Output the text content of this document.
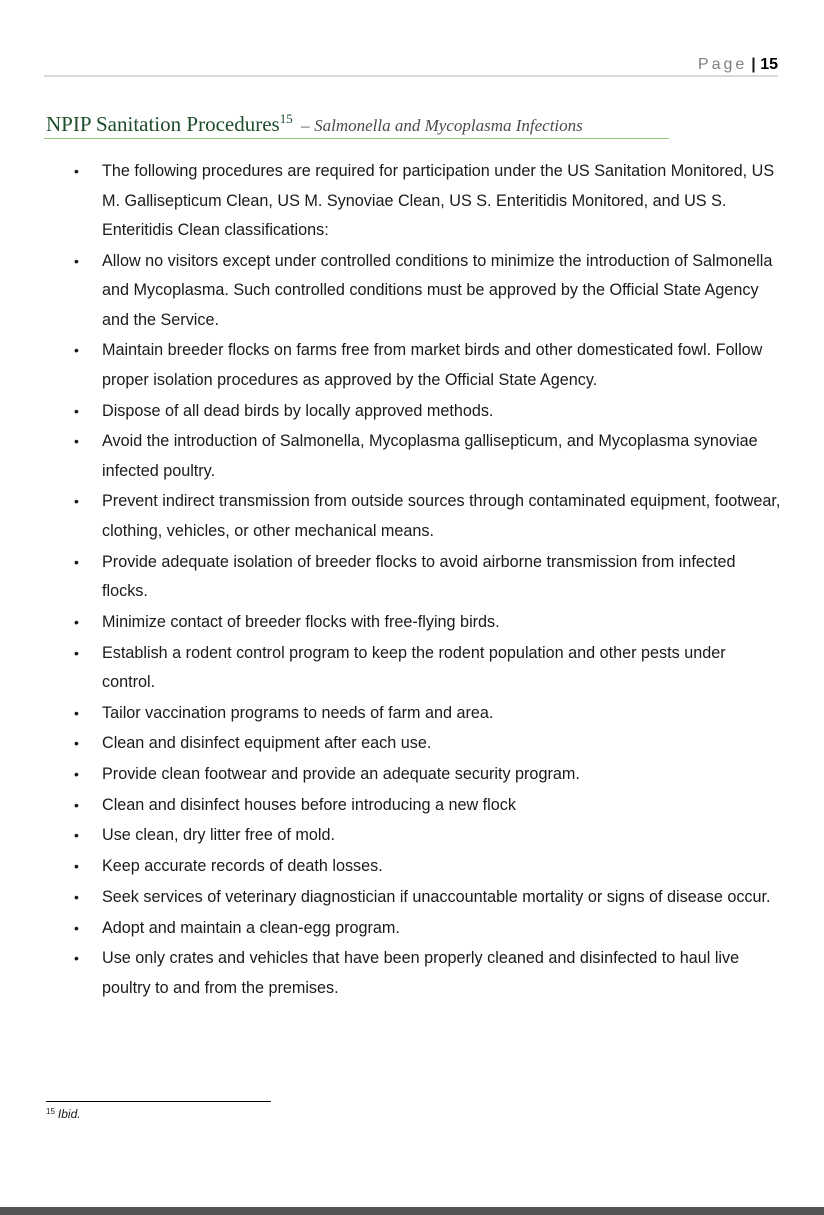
Page | 15
NPIP Sanitation Procedures$^{15}$ – Salmonella and Mycoplasma Infections
• The following procedures are required for participation under the US Sanitation Monitored, US M. Gallisepticum Clean, US M. Synoviae Clean, US S. Enteritidis Monitored, and US S. Enteritidis Clean classifications:
• Allow no visitors except under controlled conditions to minimize the introduction of Salmonella and Mycoplasma. Such controlled conditions must be approved by the Official State Agency and the Service.
• Maintain breeder flocks on farms free from market birds and other domesticated fowl. Follow proper isolation procedures as approved by the Official State Agency.
• Dispose of all dead birds by locally approved methods.
• Avoid the introduction of Salmonella, Mycoplasma gallisepticum, and Mycoplasma synoviae infected poultry.
• Prevent indirect transmission from outside sources through contaminated equipment, footwear, clothing, vehicles, or other mechanical means.
• Provide adequate isolation of breeder flocks to avoid airborne transmission from infected flocks.
• Minimize contact of breeder flocks with free-flying birds.
• Establish a rodent control program to keep the rodent population and other pests under control.
• Tailor vaccination programs to needs of farm and area.
• Clean and disinfect equipment after each use.
• Provide clean footwear and provide an adequate security program.
• Clean and disinfect houses before introducing a new flock
• Use clean, dry litter free of mold.
• Keep accurate records of death losses.
• Seek services of veterinary diagnostician if unaccountable mortality or signs of disease occur.
• Adopt and maintain a clean-egg program.
• Use only crates and vehicles that have been properly cleaned and disinfected to haul live poultry to and from the premises.
$^{15}$ Ibid.
